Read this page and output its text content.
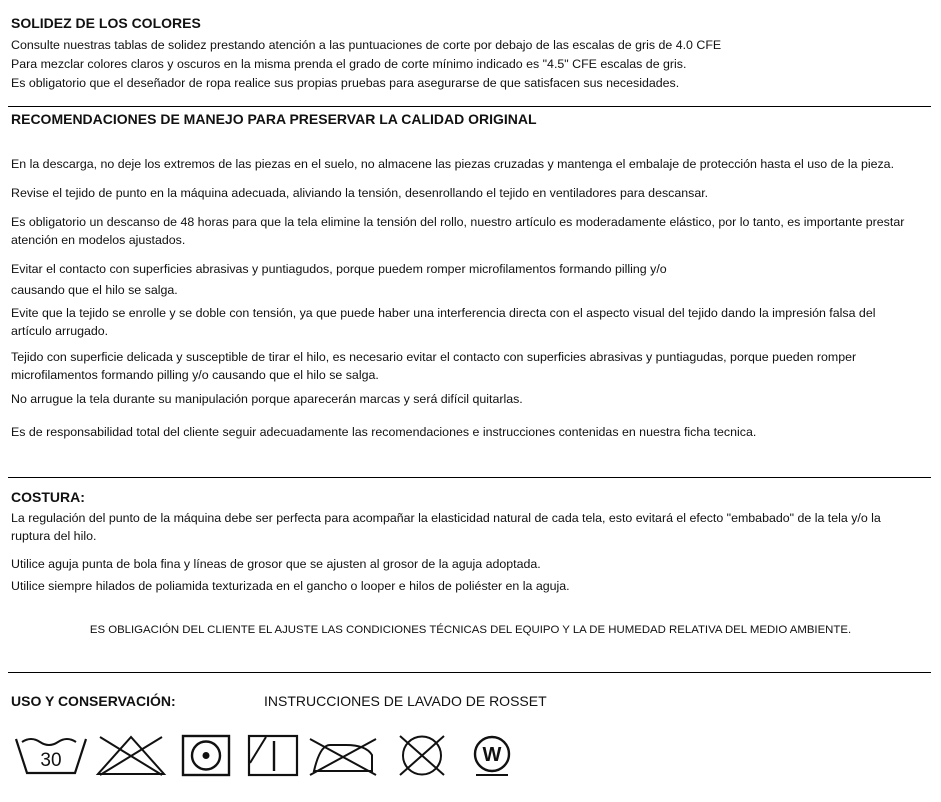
SOLIDEZ DE LOS COLORES
Consulte nuestras tablas de solidez prestando atención a las puntuaciones de corte por debajo de las escalas de gris de 4.0 CFE
Para mezclar colores claros y oscuros en la misma prenda el grado de corte mínimo indicado es "4.5" CFE escalas de gris.
Es obligatorio que el deseñador de ropa realice sus propias pruebas para asegurarse de que satisfacen sus necesidades.
RECOMENDACIONES DE MANEJO PARA PRESERVAR LA CALIDAD ORIGINAL
En la descarga, no deje los extremos de las piezas en el suelo, no almacene las piezas cruzadas y mantenga el embalaje de protección hasta el uso de la pieza.
Revise el tejido de punto en la máquina adecuada, aliviando la tensión, desenrollando el tejido en ventiladores para descansar.
Es obligatorio un descanso de 48 horas para que la tela elimine la tensión del rollo, nuestro artículo es moderadamente elástico, por lo tanto, es importante prestar atención en modelos ajustados.
Evitar el contacto con superficies abrasivas y puntiagudos, porque puedem romper microfilamentos formando pilling y/o
causando que el hilo se salga.
Evite que la tejido se enrolle y se doble con tensión, ya que puede haber una interferencia directa con el aspecto visual del tejido dando la impresión falsa del artículo arrugado.
Tejido con superficie delicada y susceptible de tirar el hilo, es necesario evitar el contacto con superficies abrasivas y puntiagudas, porque pueden romper microfilamentos formando pilling y/o causando que el hilo se salga.
No arrugue la tela durante su manipulación porque aparecerán marcas y será difícil quitarlas.
Es de responsabilidad total del cliente seguir adecuadamente las recomendaciones e instrucciones contenidas en nuestra ficha tecnica.
COSTURA:
La regulación del punto de la máquina debe ser perfecta para acompañar la elasticidad natural de cada tela, esto evitará el efecto "embabado" de la tela y/o la ruptura del hilo.
Utilice aguja punta de bola fina y líneas de grosor que se ajusten al grosor de la aguja adoptada.
Utilice siempre hilados de poliamida texturizada en el gancho o looper e hilos de poliéster en la aguja.
ES OBLIGACIÓN DEL CLIENTE EL AJUSTE LAS CONDICIONES TÉCNICAS DEL EQUIPO Y LA DE HUMEDAD RELATIVA DEL MEDIO AMBIENTE.
USO Y CONSERVACIÓN:	INSTRUCCIONES DE LAVADO DE ROSSET
30	W
